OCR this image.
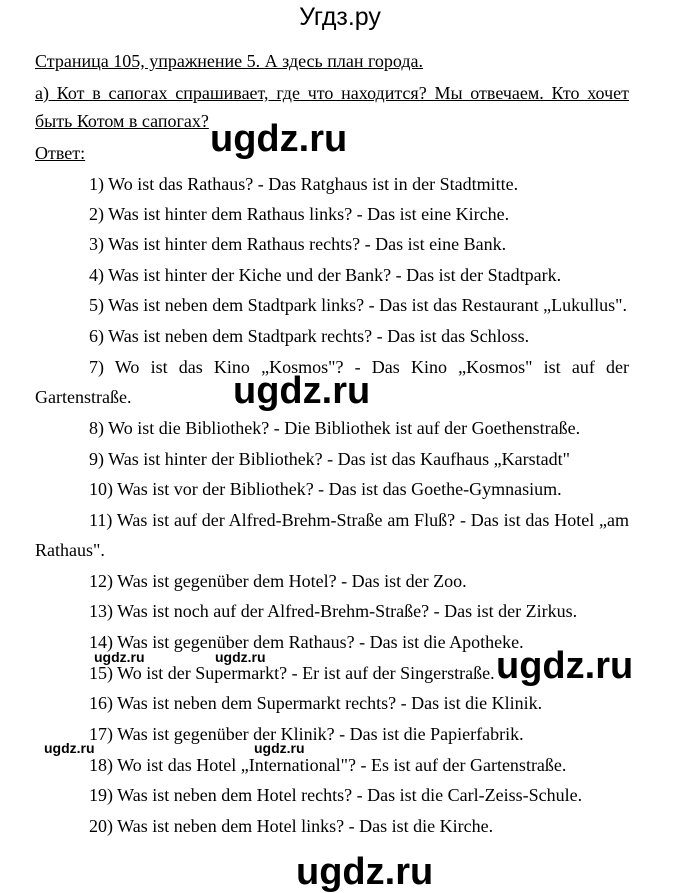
Угдз.ру
Страница 105, упражнение 5. А здесь план города.
а) Кот в сапогах спрашивает, где что находится? Мы отвечаем. Кто хочет
быть Котом в сапогах?
Ответ:
1) Wo ist das Rathaus? - Das Ratghaus ist in der Stadtmitte.
2) Was ist hinter dem Rathaus links? - Das ist eine Kirche.
3) Was ist hinter dem Rathaus rechts? - Das ist eine Bank.
4) Was ist hinter der Kiche und der Bank? - Das ist der Stadtpark.
5) Was ist neben dem Stadtpark links? - Das ist das Restaurant „Lukullus".
6) Was ist neben dem Stadtpark rechts? - Das ist das Schloss.
7) Wo ist das Kino „Kosmos"? - Das Kino „Kosmos" ist auf der
Gartenstraße.
8) Wo ist die Bibliothek? - Die Bibliothek ist auf der Goethenstraße.
9) Was ist hinter der Bibliothek? - Das ist das Kaufhaus „Karstadt"
10) Was ist vor der Bibliothek? - Das ist das Goethe-Gymnasium.
11) Was ist auf der Alfred-Brehm-Straße am Fluß? - Das ist das Hotel „am
Rathaus".
12) Was ist gegenüber dem Hotel? - Das ist der Zoo.
13) Was ist noch auf der Alfred-Brehm-Straße? - Das ist der Zirkus.
14) Was ist gegenüber dem Rathaus? - Das ist die Apotheke.
15) Wo ist der Supermarkt? - Er ist auf der Singerstraße.
16) Was ist neben dem Supermarkt rechts? - Das ist die Klinik.
17) Was ist gegenüber der Klinik? - Das ist die Papierfabrik.
18) Wo ist das Hotel „International"? - Es ist auf der Gartenstraße.
19) Was ist neben dem Hotel rechts? - Das ist die Carl-Zeiss-Schule.
20) Was ist neben dem Hotel links? - Das ist die Kirche.
ugdz.ru
ugdz.ru
ugdz.ru
ugdz.ru
ugdz.ru	ugdz.ru
ugdz.ru	ugdz.ru
